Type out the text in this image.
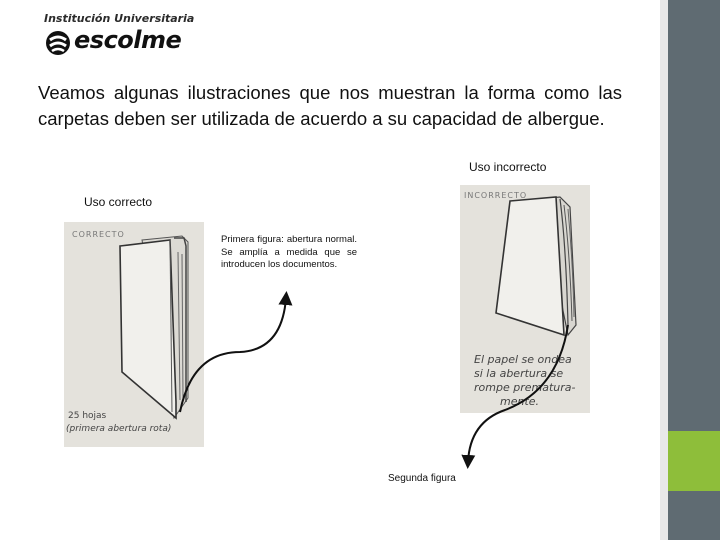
Institución Universitaria
escolme

Veamos algunas ilustraciones que nos muestran la forma como las carpetas deben ser utilizada de acuerdo a su capacidad de albergue.

Uso incorrecto
Uso correcto

Primera figura: abertura normal. Se amplía a medida que se introducen los documentos.

CORRECTO
25 hojas
(primera abertura rota)
INCORRECTO
El papel se ondea
si la abertura se
rompe prematura-
mente.
Segunda figura
